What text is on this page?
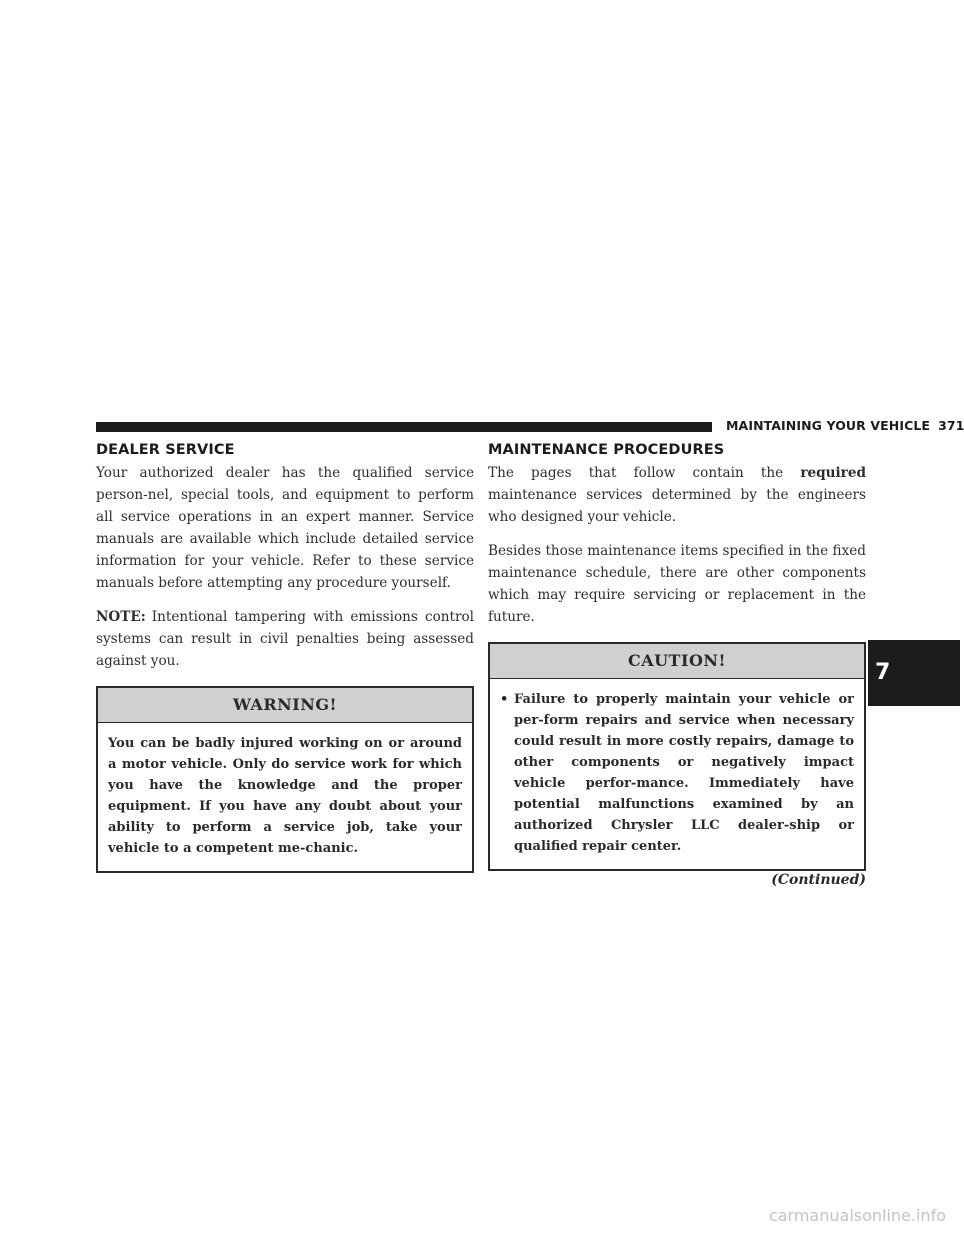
MAINTAINING YOUR VEHICLE 371
7
DEALER SERVICE

Your authorized dealer has the qualified service person-nel, special tools, and equipment to perform all service operations in an expert manner. Service manuals are available which include detailed service information for your vehicle. Refer to these service manuals before attempting any procedure yourself.

NOTE: Intentional tampering with emissions control systems can result in civil penalties being assessed against you.

WARNING!
You can be badly injured working on or around a motor vehicle. Only do service work for which you have the knowledge and the proper equipment. If you have any doubt about your ability to perform a service job, take your vehicle to a competent me-chanic.
MAINTENANCE PROCEDURES

The pages that follow contain the required maintenance services determined by the engineers who designed your vehicle.

Besides those maintenance items specified in the fixed maintenance schedule, there are other components which may require servicing or replacement in the future.

CAUTION!
• Failure to properly maintain your vehicle or per-form repairs and service when necessary could result in more costly repairs, damage to other components or negatively impact vehicle perfor-mance. Immediately have potential malfunctions examined by an authorized Chrysler LLC dealer-ship or qualified repair center.
(Continued)
carmanualsonline.info
